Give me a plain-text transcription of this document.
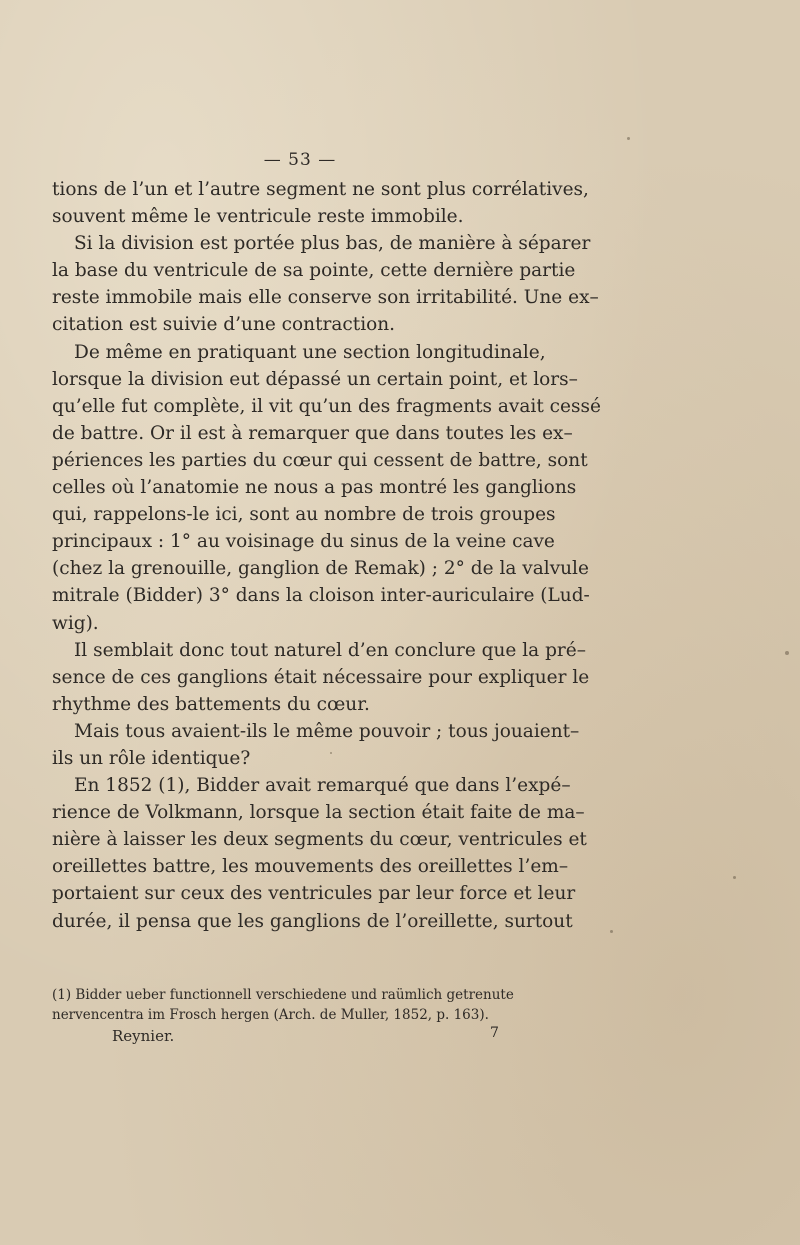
— 53 —
tions de l’un et l’autre segment ne sont plus corrélatives,
souvent même le ventricule reste immobile.
Si la division est portée plus bas, de manière à séparer
la base du ventricule de sa pointe, cette dernière partie
reste immobile mais elle conserve son irritabilité. Une ex–
citation est suivie d’une contraction.
De même en pratiquant une section longitudinale,
lorsque la division eut dépassé un certain point, et lors–
qu’elle fut complète, il vit qu’un des fragments avait cessé
de battre. Or il est à remarquer que dans toutes les ex–
périences les parties du cœur qui cessent de battre, sont
celles où l’anatomie ne nous a pas montré les ganglions
qui, rappelons-le ici, sont au nombre de trois groupes
principaux : 1° au voisinage du sinus de la veine cave
(chez la grenouille, ganglion de Remak) ; 2° de la valvule
mitrale (Bidder) 3° dans la cloison inter-auriculaire (Lud-
wig).
Il semblait donc tout naturel d’en conclure que la pré–
sence de ces ganglions était nécessaire pour expliquer le
rhythme des battements du cœur.
Mais tous avaient-ils le même pouvoir ; tous jouaient–
ils un rôle identique?
En 1852 (1), Bidder avait remarqué que dans l’expé–
rience de Volkmann, lorsque la section était faite de ma–
nière à laisser les deux segments du cœur, ventricules et
oreillettes battre, les mouvements des oreillettes l’em–
portaient sur ceux des ventricules par leur force et leur
durée, il pensa que les ganglions de l’oreillette, surtout
(1) Bidder ueber functionnell verschiedene und raümlich getrenute
nervencentra im Frosch hergen (Arch. de Muller, 1852, p. 163).
Reynier.	7
